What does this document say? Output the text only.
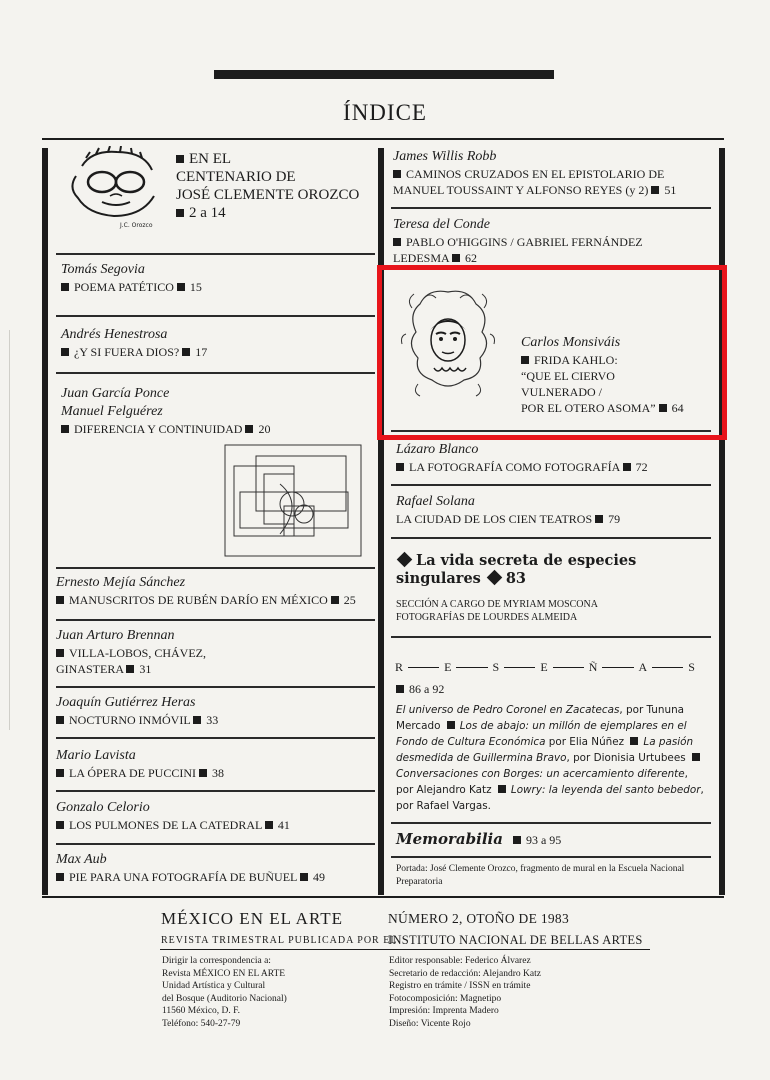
ÍNDICE
J.C. Orozco
EN EL
CENTENARIO DE
JOSÉ CLEMENTE OROZCO
2 a 14
Tomás Segovia
POEMA PATÉTICO 15
Andrés Henestrosa
¿Y SI FUERA DIOS? 17
Juan García Ponce
Manuel Felguérez
DIFERENCIA Y CONTINUIDAD 20
Ernesto Mejía Sánchez
MANUSCRITOS DE RUBÉN DARÍO EN MÉXICO 25
Juan Arturo Brennan
VILLA-LOBOS, CHÁVEZ,
GINASTERA 31
Joaquín Gutiérrez Heras
NOCTURNO INMÓVIL 33
Mario Lavista
LA ÓPERA DE PUCCINI 38
Gonzalo Celorio
LOS PULMONES DE LA CATEDRAL 41
Max Aub
PIE PARA UNA FOTOGRAFÍA DE BUÑUEL 49
James Willis Robb
CAMINOS CRUZADOS EN EL EPISTOLARIO DE
MANUEL TOUSSAINT Y ALFONSO REYES (y 2) 51
Teresa del Conde
PABLO O'HIGGINS / GABRIEL FERNÁNDEZ
LEDESMA 62
Carlos Monsiváis
FRIDA KAHLO:
“QUE EL CIERVO
VULNERADO /
POR EL OTERO ASOMA” 64
Lázaro Blanco
LA FOTOGRAFÍA COMO FOTOGRAFÍA 72
Rafael Solana
LA CIUDAD DE LOS CIEN TEATROS 79
La vida secreta de especies
singulares 83
SECCIÓN A CARGO DE MYRIAM MOSCONA
FOTOGRAFÍAS DE LOURDES ALMEIDA
R	E	S	E	Ñ	A	S
86 a 92
El universo de Pedro Coronel en Zacatecas, por Tununa Mercado Los de abajo: un millón de ejemplares en el Fondo de Cultura Económica por Elia Núñez La pasión desmedida de Guillermina Bravo, por Dionisia Urtubees Conversaciones con Borges: un acercamiento diferente, por Alejandro Katz Lowry: la leyenda del santo bebedor, por Rafael Vargas.
Memorabilia 93 a 95
Portada: José Clemente Orozco, fragmento de mural en la Escuela Nacional Preparatoria
MÉXICO EN EL ARTE	NÚMERO 2, OTOÑO DE 1983
REVISTA TRIMESTRAL PUBLICADA POR EL
INSTITUTO NACIONAL DE BELLAS ARTES
Dirigir la correspondencia a:
Revista MÉXICO EN EL ARTE
Unidad Artística y Cultural
del Bosque (Auditorio Nacional)
11560 México, D. F.
Teléfono: 540-27-79
Editor responsable: Federico Álvarez
Secretario de redacción: Alejandro Katz
Registro en trámite / ISSN en trámite
Fotocomposición: Magnetipo
Impresión: Imprenta Madero
Diseño: Vicente Rojo
